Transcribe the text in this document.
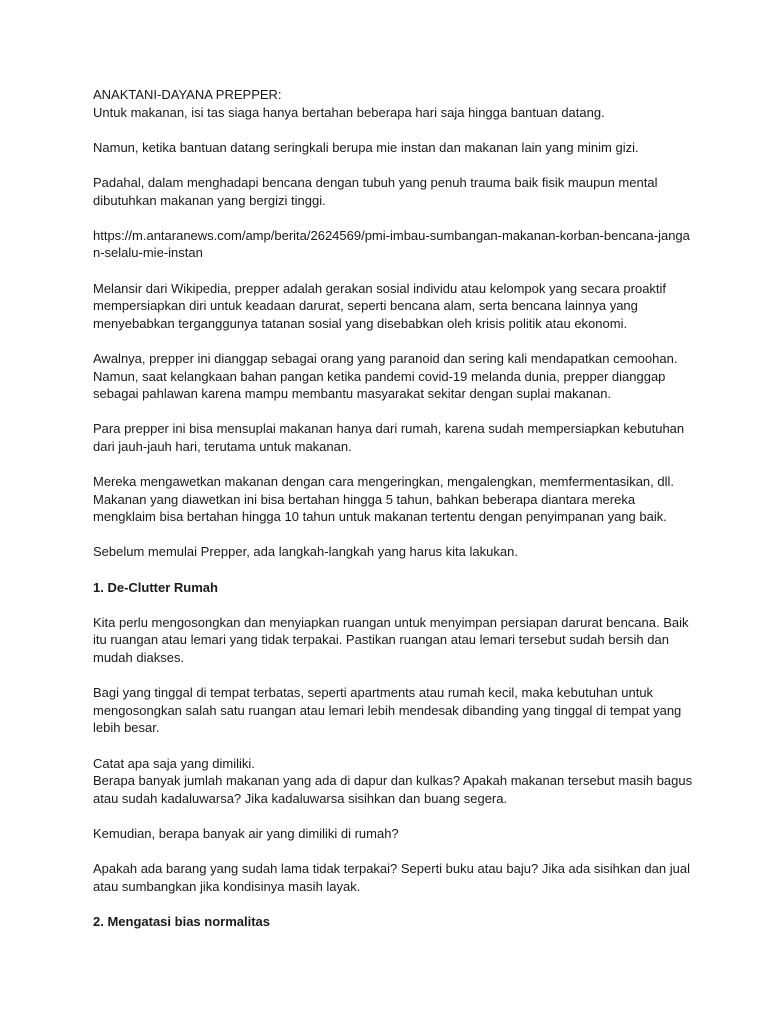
ANAKTANI-DAYANA PREPPER:

Untuk makanan, isi tas siaga hanya bertahan beberapa hari saja hingga bantuan datang.

Namun, ketika bantuan datang seringkali berupa mie instan dan makanan lain yang minim gizi.

Padahal, dalam menghadapi bencana dengan tubuh yang penuh trauma baik fisik maupun mental dibutuhkan makanan yang bergizi tinggi.

https://m.antaranews.com/amp/berita/2624569/pmi-imbau-sumbangan-makanan-korban-bencana-jangan-selalu-mie-instan

Melansir dari Wikipedia, prepper adalah gerakan sosial individu atau kelompok yang secara proaktif mempersiapkan diri untuk keadaan darurat, seperti bencana alam, serta bencana lainnya yang menyebabkan terganggunya tatanan sosial yang disebabkan oleh krisis politik atau ekonomi.

Awalnya, prepper ini dianggap sebagai orang yang paranoid dan sering kali mendapatkan cemoohan. Namun, saat kelangkaan bahan pangan ketika pandemi covid-19 melanda dunia, prepper dianggap sebagai pahlawan karena mampu membantu masyarakat sekitar dengan suplai makanan.

Para prepper ini bisa mensuplai makanan hanya dari rumah, karena sudah mempersiapkan kebutuhan dari jauh-jauh hari, terutama untuk makanan.

Mereka mengawetkan makanan dengan cara mengeringkan, mengalengkan, memfermentasikan, dll. Makanan yang diawetkan ini bisa bertahan hingga 5 tahun, bahkan beberapa diantara mereka mengklaim bisa bertahan hingga 10 tahun untuk makanan tertentu dengan penyimpanan yang baik.

Sebelum memulai Prepper, ada langkah-langkah yang harus kita lakukan.

1. De-Clutter Rumah

Kita perlu mengosongkan dan menyiapkan ruangan untuk menyimpan persiapan darurat bencana. Baik itu ruangan atau lemari yang tidak terpakai. Pastikan ruangan atau lemari tersebut sudah bersih dan mudah diakses.

Bagi yang tinggal di tempat terbatas, seperti apartments atau rumah kecil, maka kebutuhan untuk mengosongkan salah satu ruangan atau lemari lebih mendesak dibanding yang tinggal di tempat yang lebih besar.

Catat apa saja yang dimiliki.

Berapa banyak jumlah makanan yang ada di dapur dan kulkas? Apakah makanan tersebut masih bagus atau sudah kadaluwarsa? Jika kadaluwarsa sisihkan dan buang segera.

Kemudian, berapa banyak air yang dimiliki di rumah?

Apakah ada barang yang sudah lama tidak terpakai? Seperti buku atau baju? Jika ada sisihkan dan jual atau sumbangkan jika kondisinya masih layak.

2. Mengatasi bias normalitas
